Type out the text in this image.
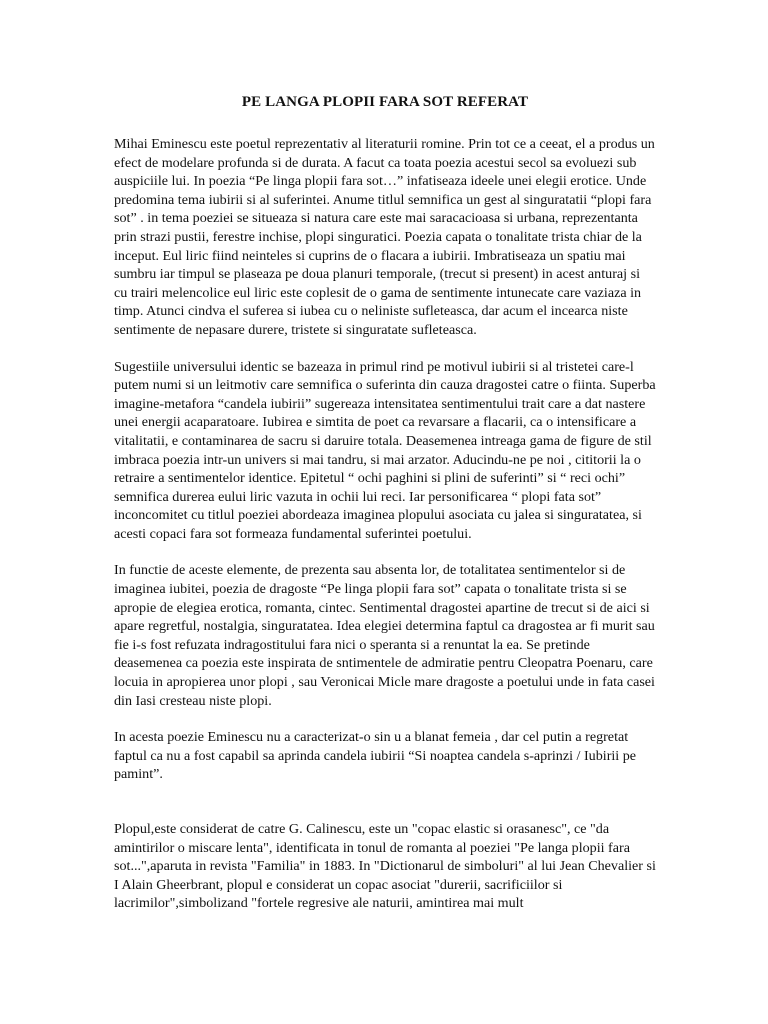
PE LANGA PLOPII FARA SOT REFERAT

Mihai Eminescu este poetul reprezentativ al literaturii romine. Prin tot ce a ceeat, el a produs un efect de modelare profunda si de durata. A facut ca toata poezia acestui secol sa evoluezi sub auspiciile lui. In poezia “Pe linga plopii fara sot…” infatiseaza ideele unei elegii erotice. Unde predomina tema iubirii si al suferintei. Anume titlul semnifica un gest al singuratatii “plopi fara sot” . in tema poeziei se situeaza si natura care este mai saracacioasa si urbana, reprezentanta prin strazi pustii, ferestre inchise, plopi singuratici. Poezia capata o tonalitate trista chiar de la inceput. Eul liric fiind neinteles si cuprins de o flacara a iubirii. Imbratiseaza un spatiu mai sumbru iar timpul se plaseaza pe doua planuri temporale, (trecut si present) in acest anturaj si cu trairi melencolice eul liric este coplesit de o gama de sentimente intunecate care vaziaza in timp. Atunci cindva el suferea si iubea cu o neliniste sufleteasca, dar acum el incearca niste sentimente de nepasare durere, tristete si singuratate sufleteasca.

Sugestiile universului identic se bazeaza in primul rind pe motivul iubirii si al tristetei care-l putem numi si un leitmotiv care semnifica o suferinta din cauza dragostei catre o fiinta. Superba imagine-metafora “candela iubirii” sugereaza intensitatea sentimentului trait care a dat nastere unei energii acaparatoare. Iubirea e simtita de poet ca revarsare a flacarii, ca o intensificare a vitalitatii, e contaminarea de sacru si daruire totala. Deasemenea intreaga gama de figure de stil imbraca poezia intr-un univers si mai tandru, si mai arzator. Aducindu-ne pe noi , cititorii la o retraire a sentimentelor identice. Epitetul “ ochi paghini si plini de suferinti” si “ reci ochi” semnifica durerea eului liric vazuta in ochii lui reci. Iar personificarea “ plopi fata sot” inconcomitet cu titlul poeziei abordeaza imaginea plopului asociata cu jalea si singuratatea, si acesti copaci fara sot formeaza fundamental suferintei poetului.

In functie de aceste elemente, de prezenta sau absenta lor, de totalitatea sentimentelor si de imaginea iubitei, poezia de dragoste “Pe linga plopii fara sot” capata o tonalitate trista si se apropie de elegiea erotica, romanta, cintec. Sentimental dragostei apartine de trecut si de aici si apare regretful, nostalgia, singuratatea. Idea elegiei determina faptul ca dragostea ar fi murit sau fie i-s fost refuzata indragostitului fara nici o speranta si a renuntat la ea. Se pretinde deasemenea ca poezia este inspirata de sntimentele de admiratie pentru Cleopatra Poenaru, care locuia in apropierea unor plopi , sau Veronicai Micle mare dragoste a poetului unde in fata casei din Iasi cresteau niste plopi.

In acesta poezie Eminescu nu a caracterizat-o sin u a blanat femeia , dar cel putin a regretat faptul ca nu a fost capabil sa aprinda candela iubirii “Si noaptea candela s-aprinzi / Iubirii pe pamint”.

Plopul,este considerat de catre G. Calinescu, este un "copac elastic si orasanesc", ce "da amintirilor o miscare lenta", identificata in tonul de romanta al poeziei "Pe langa plopii fara sot...",aparuta in revista "Familia" in 1883. In "Dictionarul de simboluri" al lui Jean Chevalier si I Alain Gheerbrant, plopul e considerat un copac asociat "durerii, sacrificiilor si lacrimilor",simbolizand "fortele regresive ale naturii, amintirea mai mult
